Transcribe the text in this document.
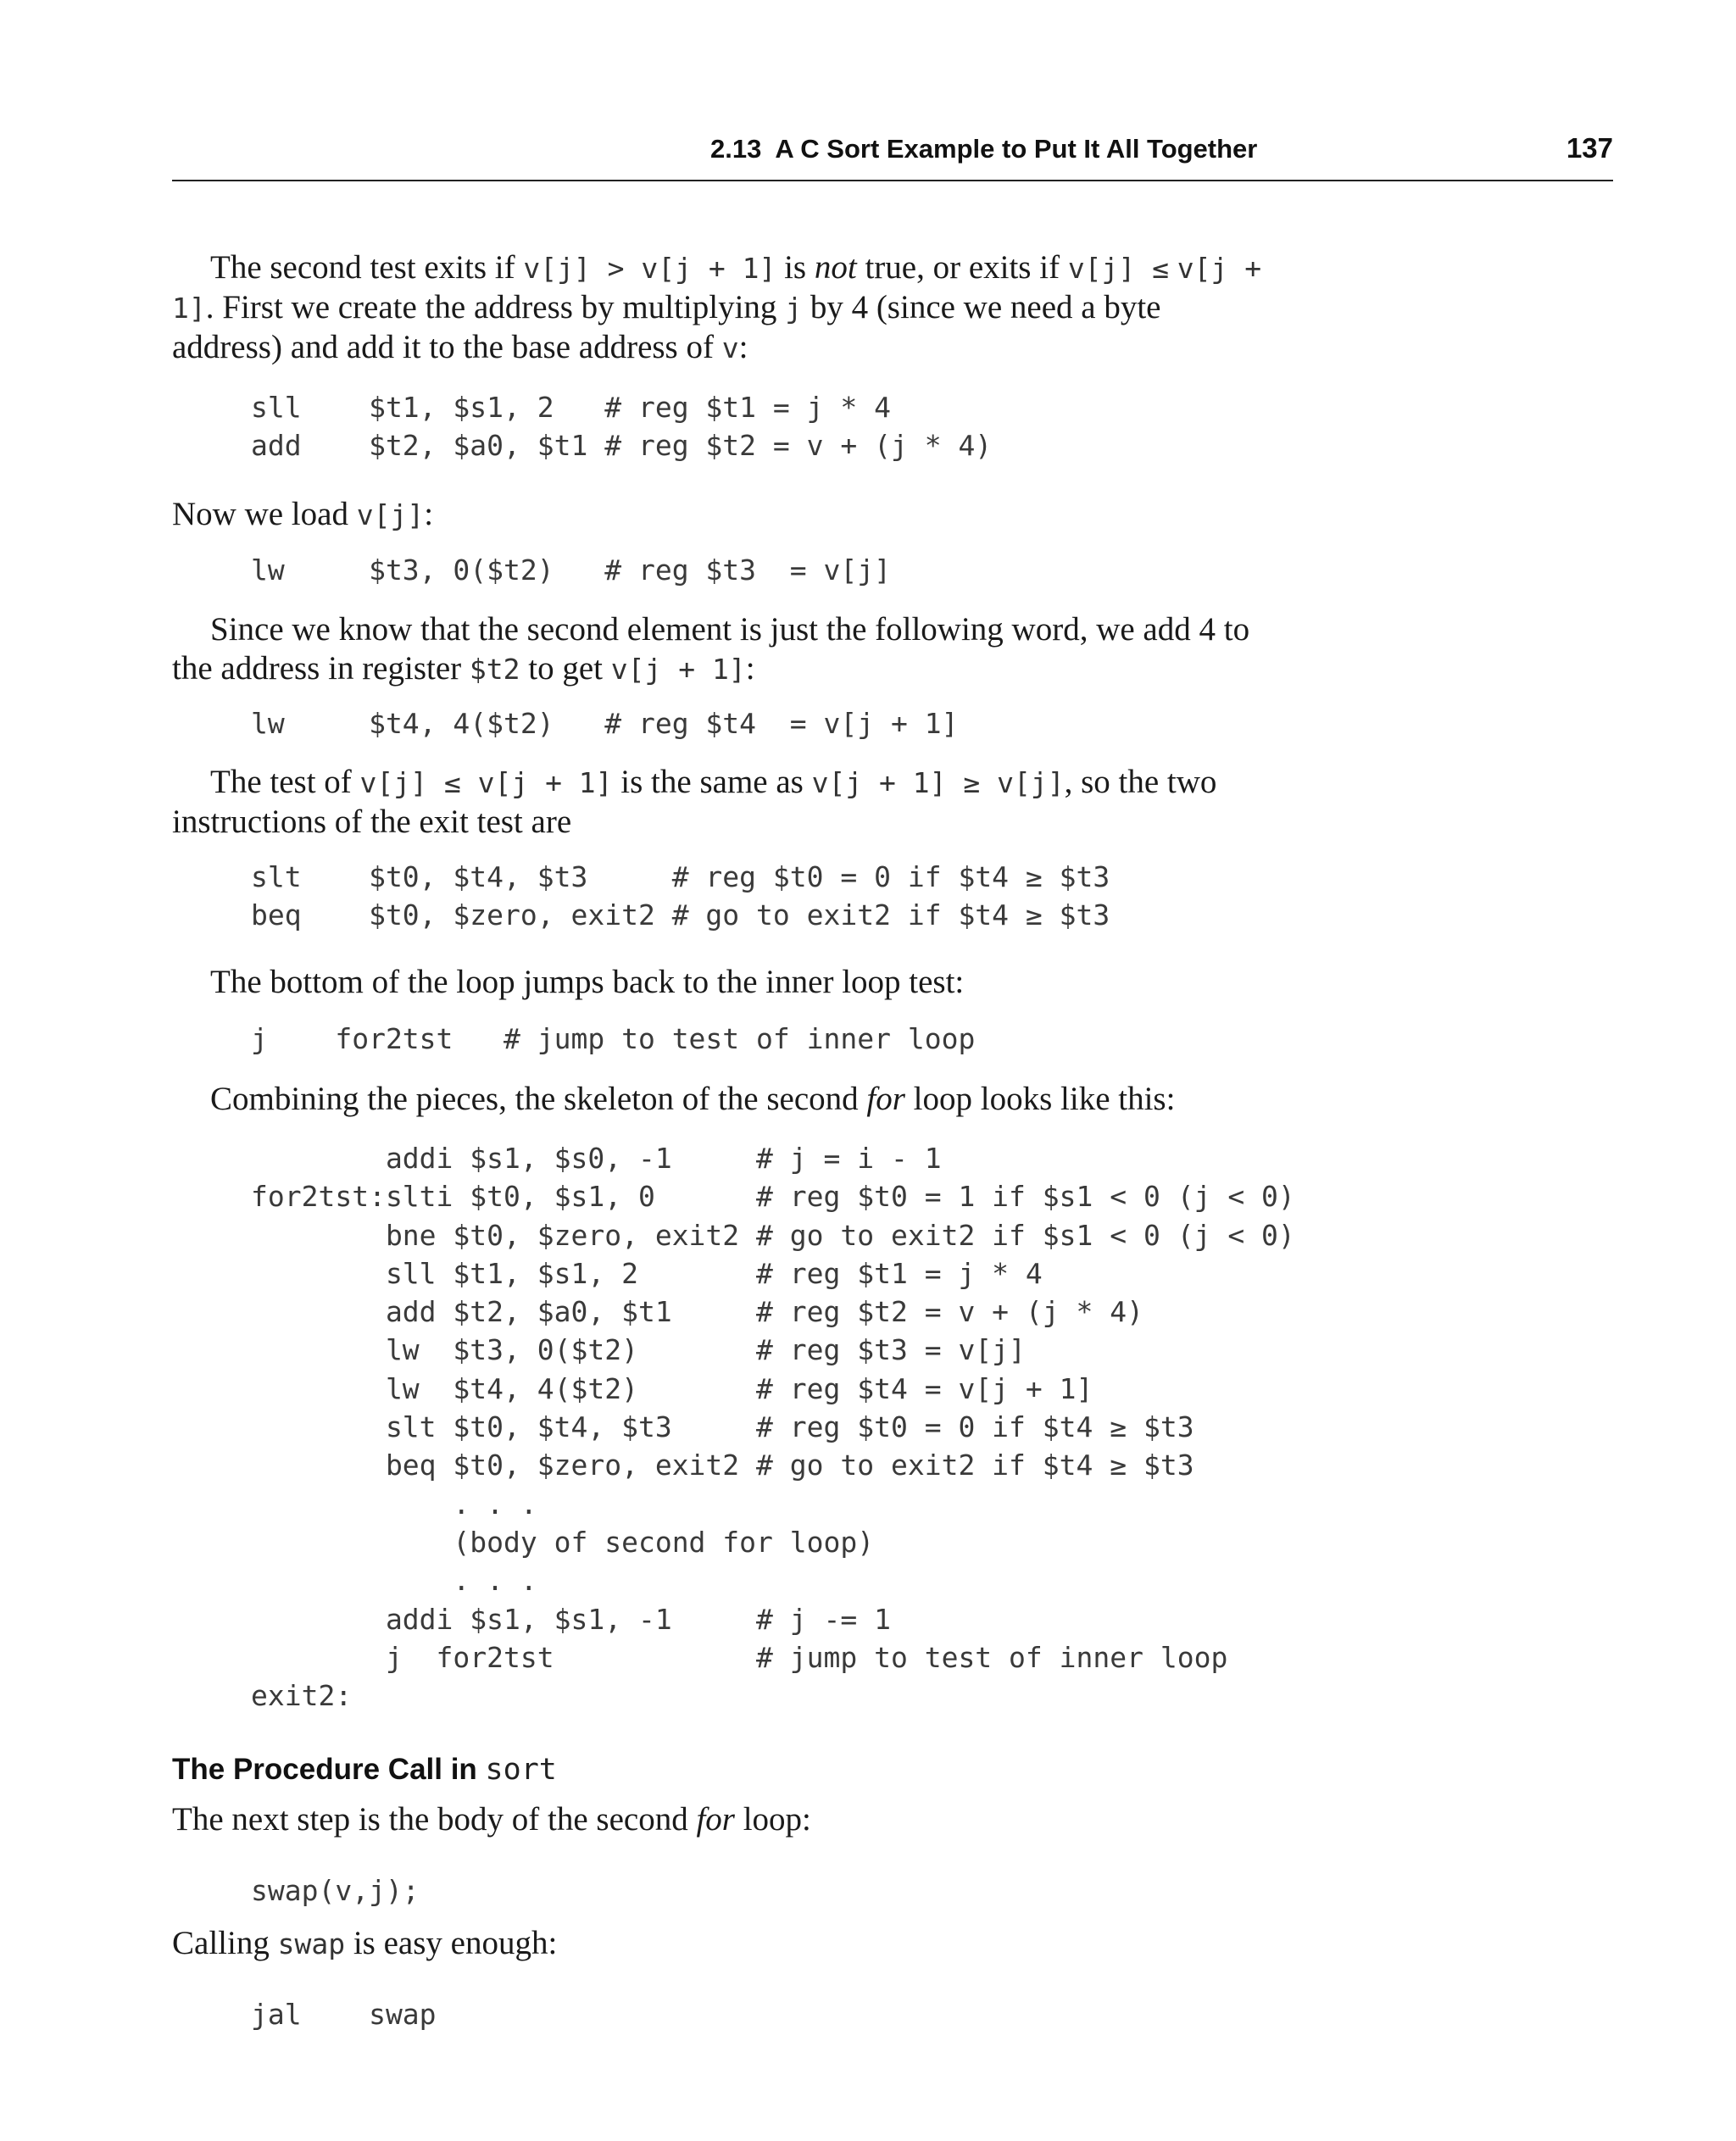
2.13 A C Sort Example to Put It All Together	137

The second test exits if v[j] > v[j + 1] is not true, or exits if v[j] ≤ v[j + 1]. First we create the address by multiplying j by 4 (since we need a byte address) and add it to the base address of v:

sll    $t1, $s1, 2   # reg $t1 = j * 4
add    $t2, $a0, $t1 # reg $t2 = v + (j * 4)

Now we load v[j]:

lw     $t3, 0($t2)   # reg $t3  = v[j]

Since we know that the second element is just the following word, we add 4 to the address in register $t2 to get v[j + 1]:

lw     $t4, 4($t2)   # reg $t4  = v[j + 1]

The test of v[j] ≤ v[j + 1] is the same as v[j + 1] ≥ v[j], so the two instructions of the exit test are

slt    $t0, $t4, $t3     # reg $t0 = 0 if $t4 ≥ $t3
beq    $t0, $zero, exit2 # go to exit2 if $t4 ≥ $t3

The bottom of the loop jumps back to the inner loop test:

j    for2tst   # jump to test of inner loop

Combining the pieces, the skeleton of the second for loop looks like this:

addi $s1, $s0, -1     # j = i - 1
for2tst:slti $t0, $s1, 0      # reg $t0 = 1 if $s1 < 0 (j < 0)
bne $t0, $zero, exit2 # go to exit2 if $s1 < 0 (j < 0)
sll $t1, $s1, 2       # reg $t1 = j * 4
add $t2, $a0, $t1     # reg $t2 = v + (j * 4)
lw  $t3, 0($t2)       # reg $t3 = v[j]
lw  $t4, 4($t2)       # reg $t4 = v[j + 1]
slt $t0, $t4, $t3     # reg $t0 = 0 if $t4 ≥ $t3
beq $t0, $zero, exit2 # go to exit2 if $t4 ≥ $t3
. . .
(body of second for loop)
. . .
addi $s1, $s1, -1     # j -= 1
j  for2tst            # jump to test of inner loop
exit2:
The Procedure Call in sort

The next step is the body of the second for loop:

swap(v,j);

Calling swap is easy enough:

jal    swap
